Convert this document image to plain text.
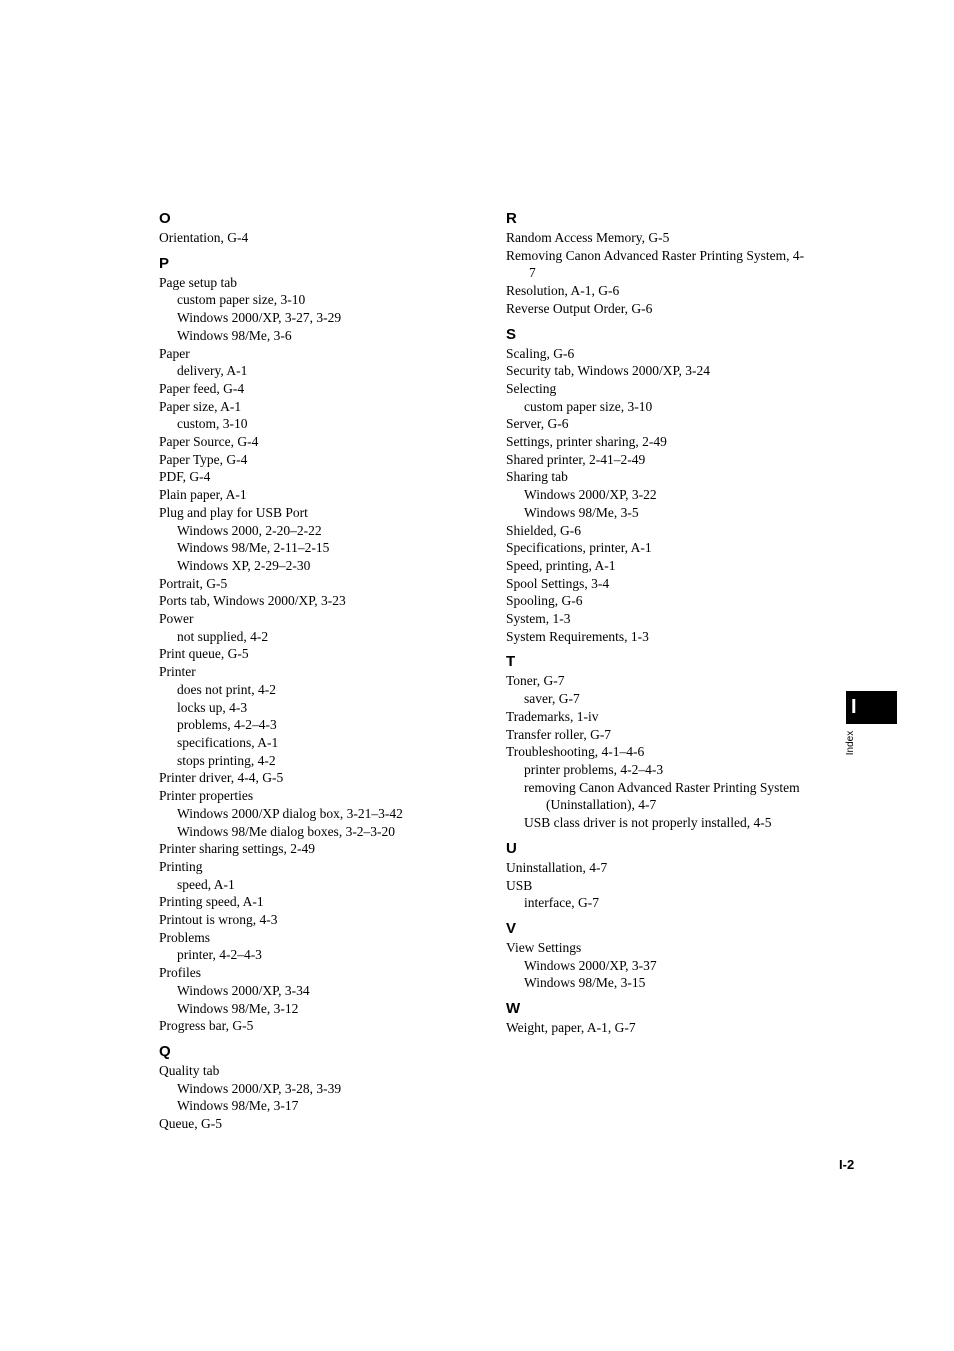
O
Orientation, G-4
P
Page setup tab
custom paper size, 3-10
Windows 2000/XP, 3-27, 3-29
Windows 98/Me, 3-6
Paper
delivery, A-1
Paper feed, G-4
Paper size, A-1
custom, 3-10
Paper Source, G-4
Paper Type, G-4
PDF, G-4
Plain paper, A-1
Plug and play for USB Port
Windows 2000, 2-20–2-22
Windows 98/Me, 2-11–2-15
Windows XP, 2-29–2-30
Portrait, G-5
Ports tab, Windows 2000/XP, 3-23
Power
not supplied, 4-2
Print queue, G-5
Printer
does not print, 4-2
locks up, 4-3
problems, 4-2–4-3
specifications, A-1
stops printing, 4-2
Printer driver, 4-4, G-5
Printer properties
Windows 2000/XP dialog box, 3-21–3-42
Windows 98/Me dialog boxes, 3-2–3-20
Printer sharing settings, 2-49
Printing
speed, A-1
Printing speed, A-1
Printout is wrong, 4-3
Problems
printer, 4-2–4-3
Profiles
Windows 2000/XP, 3-34
Windows 98/Me, 3-12
Progress bar, G-5
Q
Quality tab
Windows 2000/XP, 3-28, 3-39
Windows 98/Me, 3-17
Queue, G-5
R
Random Access Memory, G-5
Removing Canon Advanced Raster Printing System, 4-
7
Resolution, A-1, G-6
Reverse Output Order, G-6
S
Scaling, G-6
Security tab, Windows 2000/XP, 3-24
Selecting
custom paper size, 3-10
Server, G-6
Settings, printer sharing, 2-49
Shared printer, 2-41–2-49
Sharing tab
Windows 2000/XP, 3-22
Windows 98/Me, 3-5
Shielded, G-6
Specifications, printer, A-1
Speed, printing, A-1
Spool Settings, 3-4
Spooling, G-6
System, 1-3
System Requirements, 1-3
T
Toner, G-7
saver, G-7
Trademarks, 1-iv
Transfer roller, G-7
Troubleshooting, 4-1–4-6
printer problems, 4-2–4-3
removing Canon Advanced Raster Printing System
(Uninstallation), 4-7
USB class driver is not properly installed, 4-5
U
Uninstallation, 4-7
USB
interface, G-7
V
View Settings
Windows 2000/XP, 3-37
Windows 98/Me, 3-15
W
Weight, paper, A-1, G-7
I
Index
I-2
